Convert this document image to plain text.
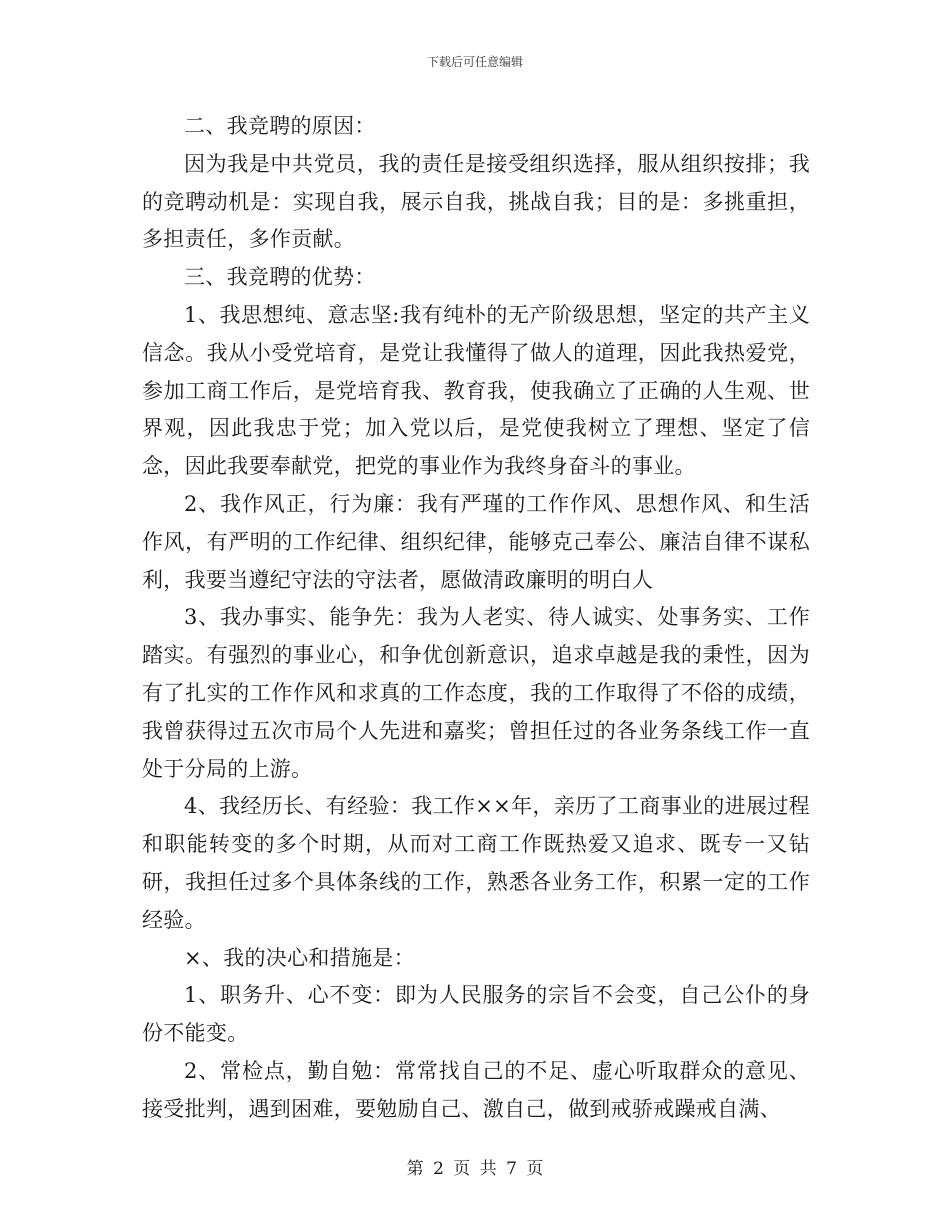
下载后可任意编辑

二、我竞聘的原因：

因为我是中共党员，我的责任是接受组织选择，服从组织按排；我的竞聘动机是：实现自我，展示自我，挑战自我；目的是：多挑重担，多担责任，多作贡献。

三、我竞聘的优势：

1、我思想纯、意志坚:我有纯朴的无产阶级思想，坚定的共产主义信念。我从小受党培育，是党让我懂得了做人的道理，因此我热爱党，参加工商工作后，是党培育我、教育我，使我确立了正确的人生观、世界观，因此我忠于党；加入党以后，是党使我树立了理想、坚定了信念，因此我要奉献党，把党的事业作为我终身奋斗的事业。

2、我作风正，行为廉：我有严瑾的工作作风、思想作风、和生活作风，有严明的工作纪律、组织纪律，能够克己奉公、廉洁自律不谋私利，我要当遵纪守法的守法者，愿做清政廉明的明白人

3、我办事实、能争先：我为人老实、待人诚实、处事务实、工作踏实。有强烈的事业心，和争优创新意识，追求卓越是我的秉性，因为有了扎实的工作作风和求真的工作态度，我的工作取得了不俗的成绩，我曾获得过五次市局个人先进和嘉奖；曾担任过的各业务条线工作一直处于分局的上游。

4、我经历长、有经验：我工作××年，亲历了工商事业的进展过程和职能转变的多个时期，从而对工商工作既热爱又追求、既专一又钻研，我担任过多个具体条线的工作，熟悉各业务工作，积累一定的工作经验。

×、我的决心和措施是：

1、职务升、心不变：即为人民服务的宗旨不会变，自己公仆的身份不能变。

2、常检点，勤自勉：常常找自己的不足、虚心听取群众的意见、接受批判，遇到困难，要勉励自己、激自己，做到戒骄戒躁戒自满、

第 2 页 共 7 页
